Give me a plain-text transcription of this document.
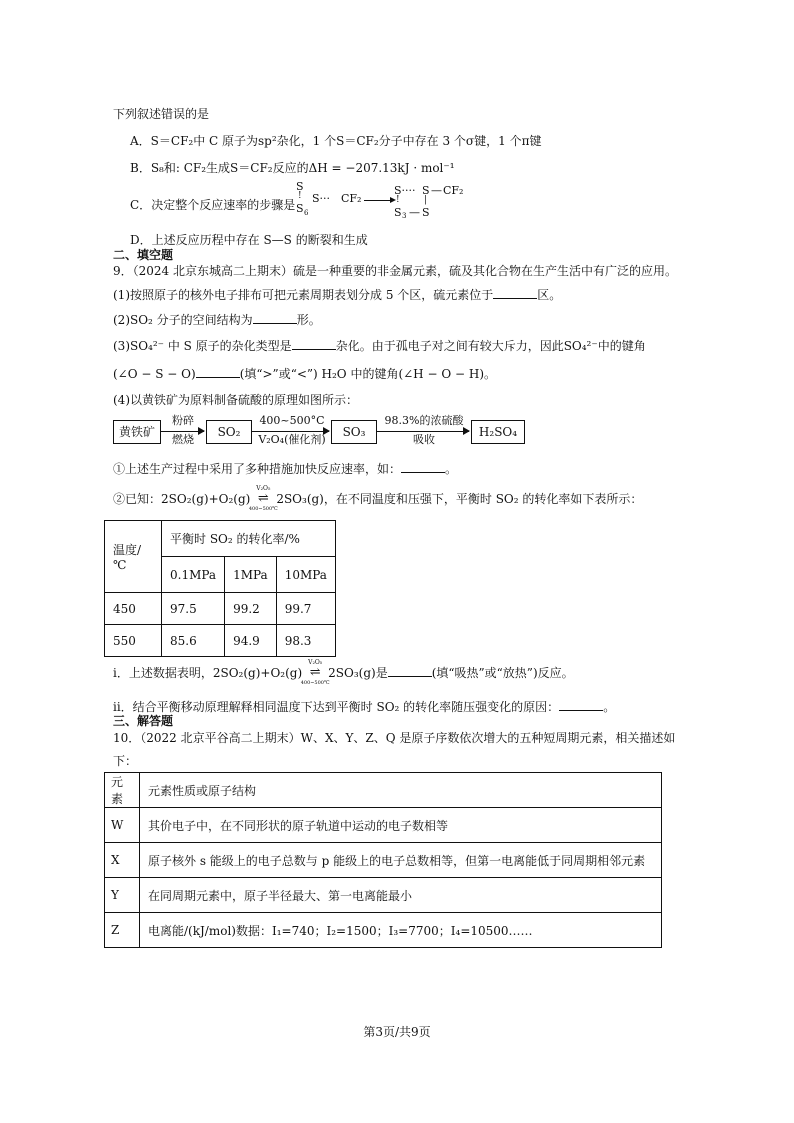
下列叙述错误的是
A．S＝CF₂中 C 原子为sp²杂化，1 个S＝CF₂分子中存在 3 个σ键，1 个π键
B．S₈和: CF₂生成S＝CF₂反应的ΔH = −207.13kJ · mol⁻¹
C．决定整个反应速率的步骤是
S
!
S 6
S··· CF₂
S···· S — CF₂
!	|
S 3 — S
D．上述反应历程中存在 S—S 的断裂和生成
二、填空题
9．（2024 北京东城高二上期末）硫是一种重要的非金属元素，硫及其化合物在生产生活中有广泛的应用。
(1)按照原子的核外电子排布可把元素周期表划分成 5 个区，硫元素位于	区。
(2)SO₂ 分子的空间结构为	形。
(3)SO₄²⁻ 中 S 原子的杂化类型是	杂化。由于孤电子对之间有较大斥力，因此SO₄²⁻中的键角
(∠O − S − O)	(填“>”或“<”) H₂O 中的键角(∠H − O − H)。
(4)以黄铁矿为原料制备硫酸的原理如图所示：
黄铁矿
粉碎
燃烧
SO₂
400~500°C
V₂O₄(催化剂)
SO₃
98.3%的浓硫酸
吸收
H₂SO₄
①上述生产过程中采用了多种措施加快反应速率，如：	。
②已知：2SO₂(g)+O₂(g)
V₂O₅
⇌
400~500℃
2SO₃(g)，在不同温度和压强下，平衡时 SO₂ 的转化率如下表所示：
温度/℃	平衡时 SO₂ 的转化率/%		
	0.1MPa	1MPa	10MPa
450	97.5	99.2	99.7
550	85.6	94.9	98.3
i．上述数据表明，2SO₂(g)+O₂(g)
V₂O₅
⇌
400~500℃
2SO₃(g)是	(填“吸热”或“放热”)反应。
ii．结合平衡移动原理解释相同温度下达到平衡时 SO₂ 的转化率随压强变化的原因：	。
三、解答题
10．（2022 北京平谷高二上期末）W、X、Y、Z、Q 是原子序数依次增大的五种短周期元素，相关描述如
下：
元素	元素性质或原子结构
W	其价电子中，在不同形状的原子轨道中运动的电子数相等
X	原子核外 s 能级上的电子总数与 p 能级上的电子总数相等，但第一电离能低于同周期相邻元素
Y	在同周期元素中，原子半径最大、第一电离能最小
Z	电离能/(kJ/mol)数据：I₁=740；I₂=1500；I₃=7700；I₄=10500……
第3页/共9页
